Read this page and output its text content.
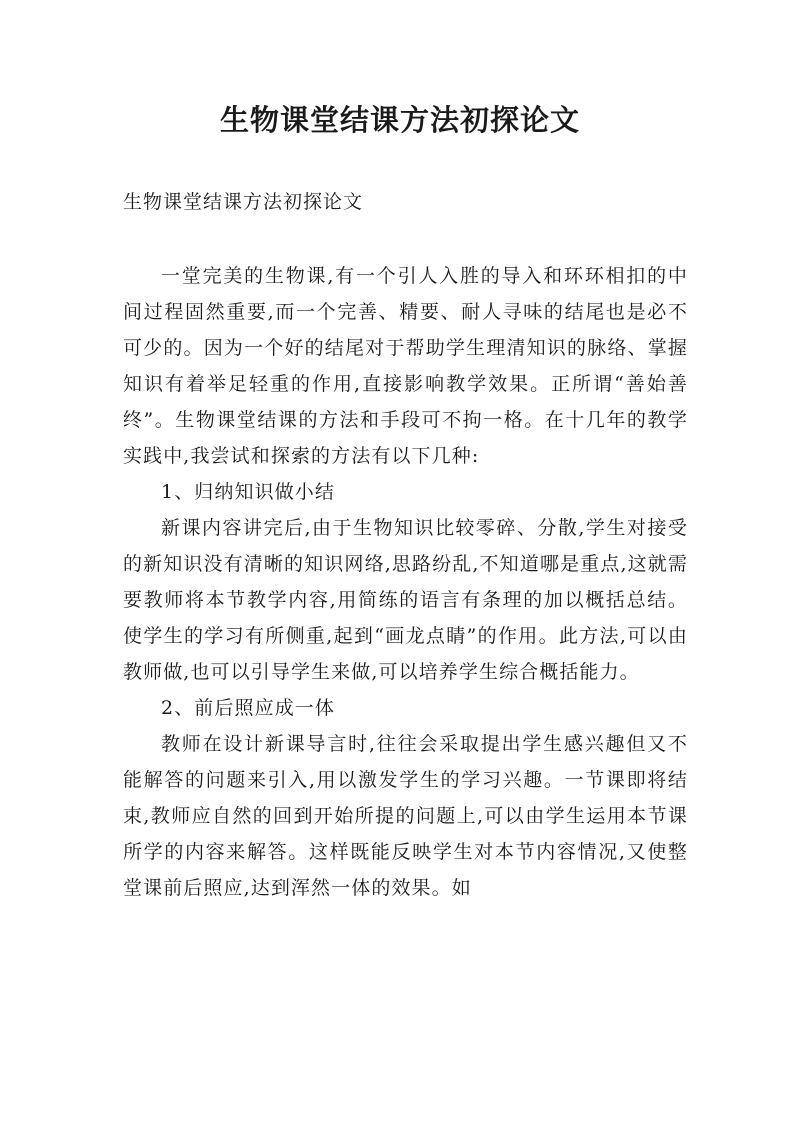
生物课堂结课方法初探论文

生物课堂结课方法初探论文

一堂完美的生物课,有一个引人入胜的导入和环环相扣的中间过程固然重要,而一个完善、精要、耐人寻味的结尾也是必不可少的。因为一个好的结尾对于帮助学生理清知识的脉络、掌握知识有着举足轻重的作用,直接影响教学效果。正所谓“善始善终”。生物课堂结课的方法和手段可不拘一格。在十几年的教学实践中,我尝试和探索的方法有以下几种:

1、归纳知识做小结

新课内容讲完后,由于生物知识比较零碎、分散,学生对接受的新知识没有清晰的知识网络,思路纷乱,不知道哪是重点,这就需要教师将本节教学内容,用简练的语言有条理的加以概括总结。使学生的学习有所侧重,起到“画龙点睛”的作用。此方法,可以由教师做,也可以引导学生来做,可以培养学生综合概括能力。

2、前后照应成一体

教师在设计新课导言时,往往会采取提出学生感兴趣但又不能解答的问题来引入,用以激发学生的学习兴趣。一节课即将结束,教师应自然的回到开始所提的问题上,可以由学生运用本节课所学的内容来解答。这样既能反映学生对本节内容情况,又使整堂课前后照应,达到浑然一体的效果。如
